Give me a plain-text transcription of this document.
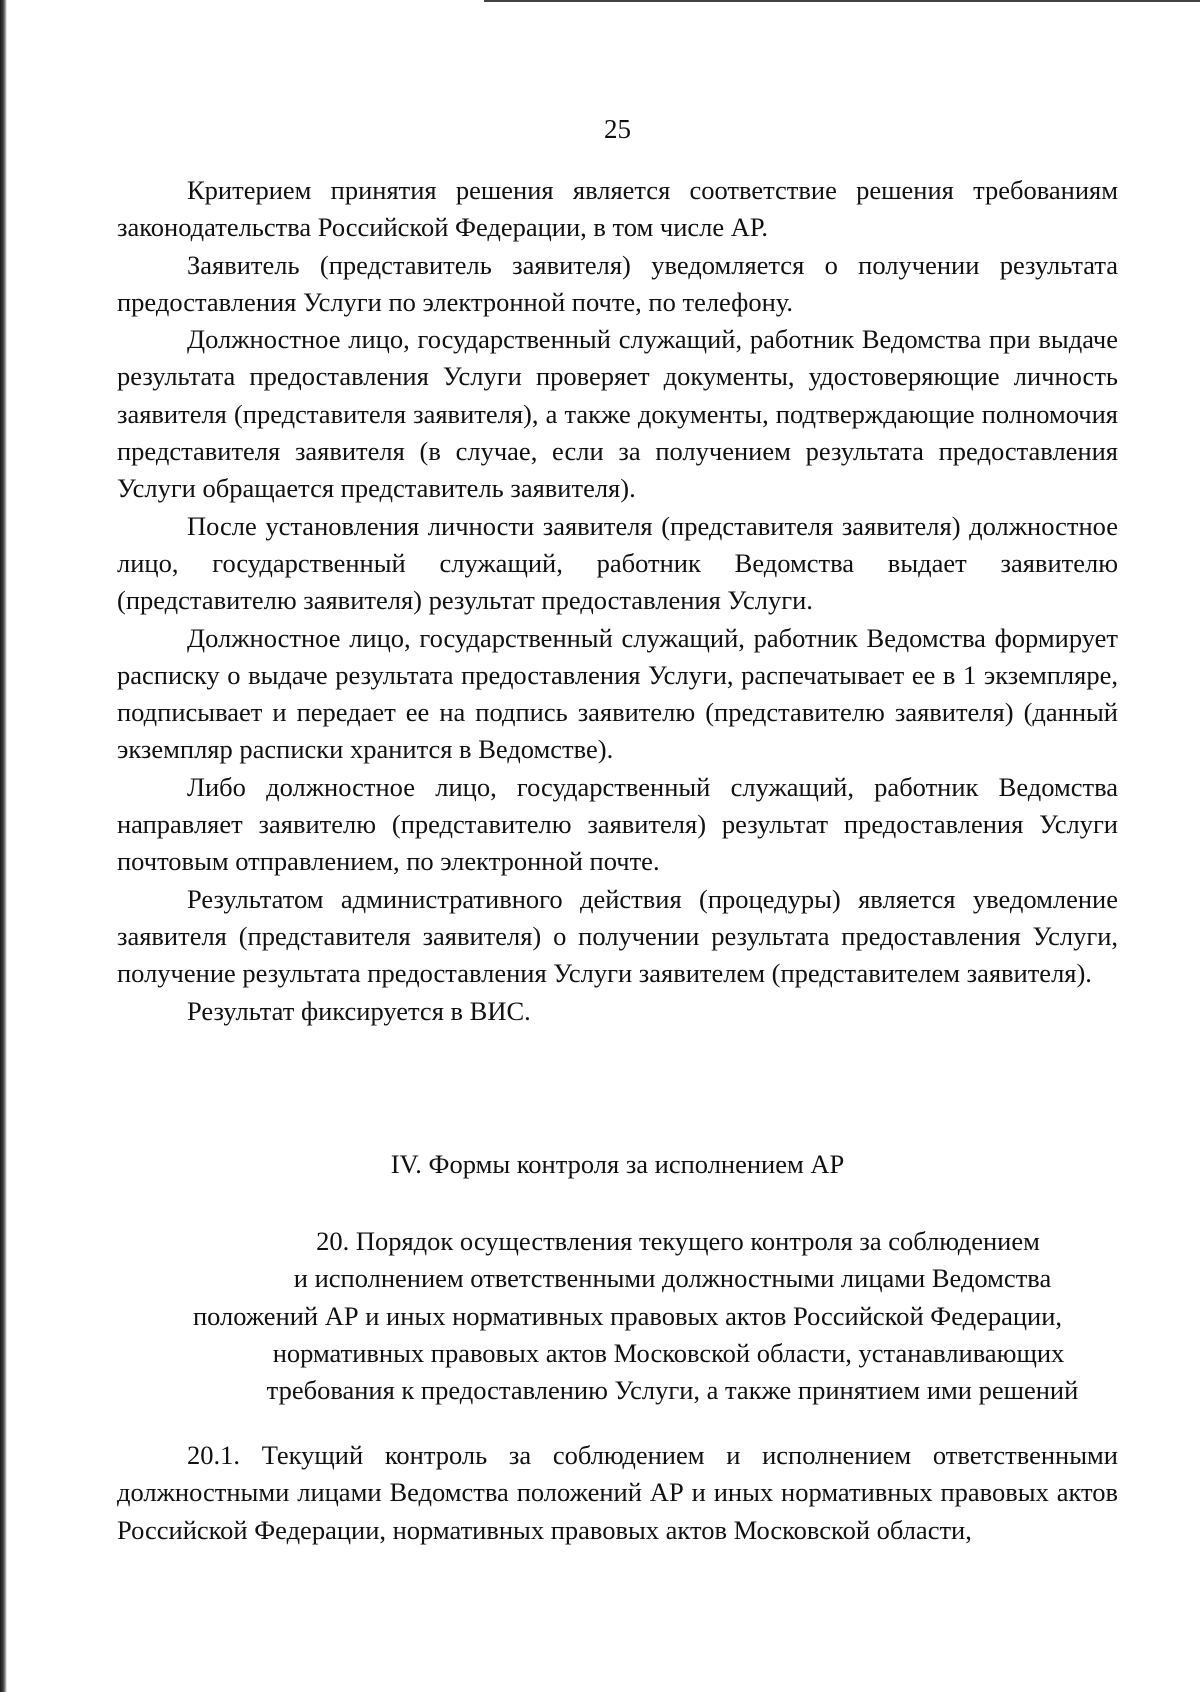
25

Критерием принятия решения является соответствие решения требованиям законодательства Российской Федерации, в том числе АР.

Заявитель (представитель заявителя) уведомляется о получении результата предоставления Услуги по электронной почте, по телефону.

Должностное лицо, государственный служащий, работник Ведомства при выдаче результата предоставления Услуги проверяет документы, удостоверяющие личность заявителя (представителя заявителя), а также документы, подтверждающие полномочия представителя заявителя (в случае, если за получением результата предоставления Услуги обращается представитель заявителя).

После установления личности заявителя (представителя заявителя) должностное лицо, государственный служащий, работник Ведомства выдает заявителю (представителю заявителя) результат предоставления Услуги.

Должностное лицо, государственный служащий, работник Ведомства формирует расписку о выдаче результата предоставления Услуги, распечатывает ее в 1 экземпляре, подписывает и передает ее на подпись заявителю (представителю заявителя) (данный экземпляр расписки хранится в Ведомстве).

Либо должностное лицо, государственный служащий, работник Ведомства направляет заявителю (представителю заявителя) результат предоставления Услуги почтовым отправлением, по электронной почте.

Результатом административного действия (процедуры) является уведомление заявителя (представителя заявителя) о получении результата предоставления Услуги, получение результата предоставления Услуги заявителем (представителем заявителя).

Результат фиксируется в ВИС.

IV. Формы контроля за исполнением АР
20. Порядок осуществления текущего контроля за соблюдением
и исполнением ответственными должностными лицами Ведомства
положений АР и иных нормативных правовых актов Российской Федерации,
нормативных правовых актов Московской области, устанавливающих
требования к предоставлению Услуги, а также принятием ими решений

20.1. Текущий контроль за соблюдением и исполнением ответственными должностными лицами Ведомства положений АР и иных нормативных правовых актов Российской Федерации, нормативных правовых актов Московской области,
